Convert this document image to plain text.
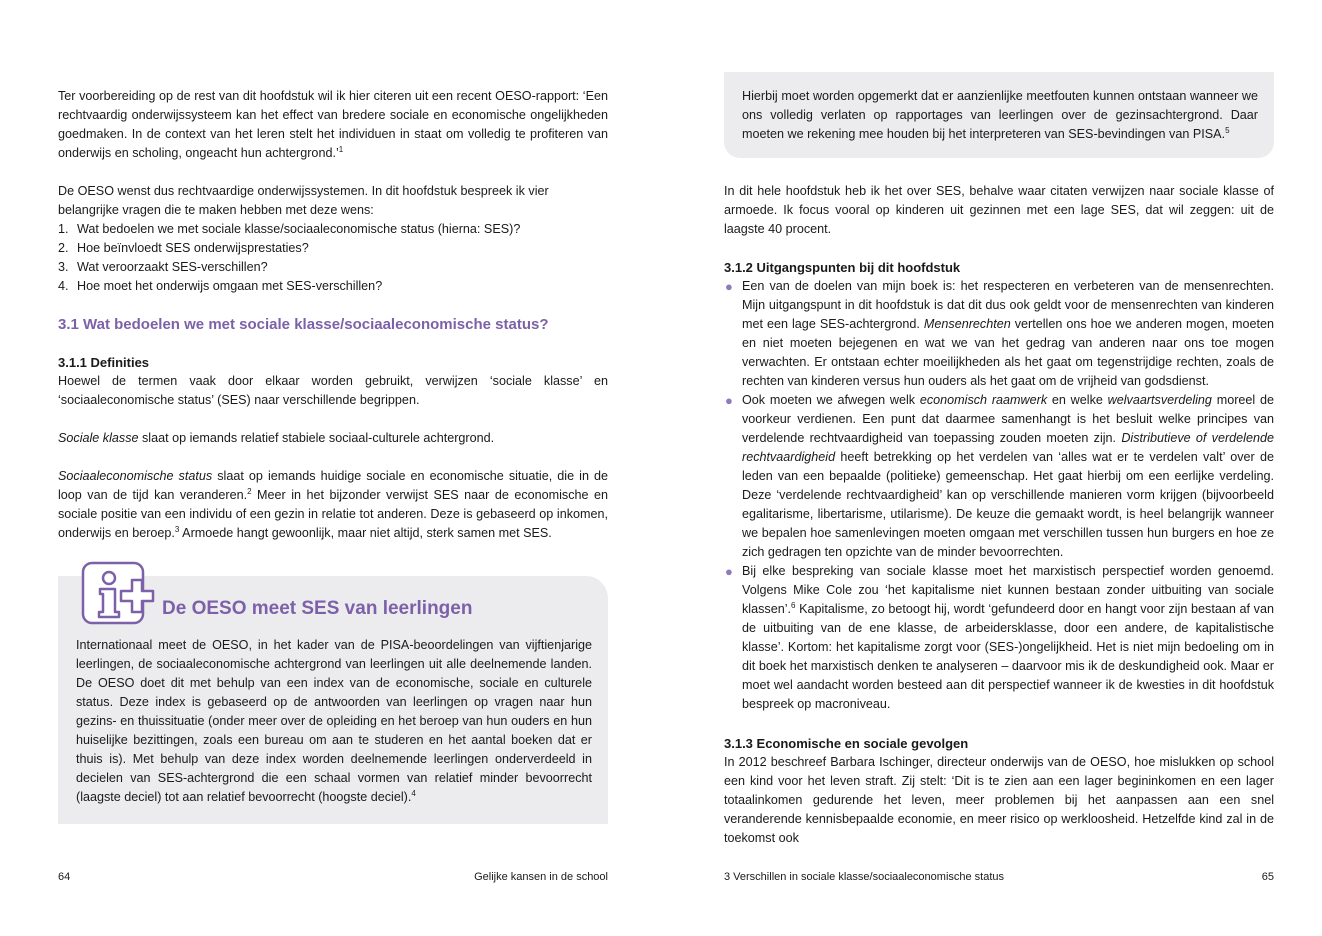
Ter voorbereiding op de rest van dit hoofdstuk wil ik hier citeren uit een recent OESO-rapport: ‘Een rechtvaardig onderwijssysteem kan het effect van bredere sociale en economische ongelijkheden goedmaken. In de context van het leren stelt het individuen in staat om volledig te profiteren van onderwijs en scholing, ongeacht hun achtergrond.’$^1$

De OESO wenst dus rechtvaardige onderwijssystemen. In dit hoofdstuk bespreek ik vier belangrijke vragen die te maken hebben met deze wens:

1. Wat bedoelen we met sociale klasse/sociaaleconomische status (hierna: SES)?
2. Hoe beïnvloedt SES onderwijsprestaties?
3. Wat veroorzaakt SES-verschillen?
4. Hoe moet het onderwijs omgaan met SES-verschillen?
3.1 Wat bedoelen we met sociale klasse/sociaaleconomische status?
3.1.1 Definities

Hoewel de termen vaak door elkaar worden gebruikt, verwijzen ‘sociale klasse’ en ‘sociaaleconomische status’ (SES) naar verschillende begrippen.

Sociale klasse slaat op iemands relatief stabiele sociaal-culturele achtergrond.

Sociaaleconomische status slaat op iemands huidige sociale en economische situatie, die in de loop van de tijd kan veranderen.$^2$ Meer in het bijzonder verwijst SES naar de economische en sociale positie van een individu of een gezin in relatie tot anderen. Deze is gebaseerd op inkomen, onderwijs en beroep.$^3$ Armoede hangt gewoonlijk, maar niet altijd, sterk samen met SES.

Internationaal meet de OESO, in het kader van de PISA-beoordelingen van vijftienjarige leerlingen, de sociaaleconomische achtergrond van leerlingen uit alle deelnemende landen. De OESO doet dit met behulp van een index van de economische, sociale en culturele status. Deze index is gebaseerd op de antwoorden van leerlingen op vragen naar hun gezins- en thuissituatie (onder meer over de opleiding en het beroep van hun ouders en hun huiselijke bezittingen, zoals een bureau om aan te studeren en het aantal boeken dat er thuis is). Met behulp van deze index worden deelnemende leerlingen onderverdeeld in decielen van SES-achtergrond die een schaal vormen van relatief minder bevoorrecht (laagste deciel) tot aan relatief bevoorrecht (hoogste deciel).$^4$

De OESO meet SES van leerlingen
64	Gelijke kansen in de school

Hierbij moet worden opgemerkt dat er aanzienlijke meetfouten kunnen ontstaan wanneer we ons volledig verlaten op rapportages van leerlingen over de gezinsachtergrond. Daar moeten we rekening mee houden bij het interpreteren van SES-bevindingen van PISA.$^5$

In dit hele hoofdstuk heb ik het over SES, behalve waar citaten verwijzen naar sociale klasse of armoede. Ik focus vooral op kinderen uit gezinnen met een lage SES, dat wil zeggen: uit de laagste 40 procent.

3.1.2 Uitgangspunten bij dit hoofdstuk
● Een van de doelen van mijn boek is: het respecteren en verbeteren van de mensenrechten. Mijn uitgangspunt in dit hoofdstuk is dat dit dus ook geldt voor de mensenrechten van kinderen met een lage SES-achtergrond. Mensenrechten vertellen ons hoe we anderen mogen, moeten en niet moeten bejegenen en wat we van het gedrag van anderen naar ons toe mogen verwachten. Er ontstaan echter moeilijkheden als het gaat om tegenstrijdige rechten, zoals de rechten van kinderen versus hun ouders als het gaat om de vrijheid van godsdienst.
● Ook moeten we afwegen welk economisch raamwerk en welke welvaartsverdeling moreel de voorkeur verdienen. Een punt dat daarmee samenhangt is het besluit welke principes van verdelende rechtvaardigheid van toepassing zouden moeten zijn. Distributieve of verdelende rechtvaardigheid heeft betrekking op het verdelen van ‘alles wat er te verdelen valt’ over de leden van een bepaalde (politieke) gemeenschap. Het gaat hierbij om een eerlijke verdeling. Deze ‘verdelende rechtvaardigheid’ kan op verschillende manieren vorm krijgen (bijvoorbeeld egalitarisme, libertarisme, utilarisme). De keuze die gemaakt wordt, is heel belangrijk wanneer we bepalen hoe samenlevingen moeten omgaan met verschillen tussen hun burgers en hoe ze zich gedragen ten opzichte van de minder bevoorrechten.
● Bij elke bespreking van sociale klasse moet het marxistisch perspectief worden genoemd. Volgens Mike Cole zou ‘het kapitalisme niet kunnen bestaan zonder uitbuiting van sociale klassen’.$^6$ Kapitalisme, zo betoogt hij, wordt ‘gefundeerd door en hangt voor zijn bestaan af van de uitbuiting van de ene klasse, de arbeidersklasse, door een andere, de kapitalistische klasse’. Kortom: het kapitalisme zorgt voor (SES-)ongelijkheid. Het is niet mijn bedoeling om in dit boek het marxistisch denken te analyseren – daarvoor mis ik de deskundigheid ook. Maar er moet wel aandacht worden besteed aan dit perspectief wanneer ik de kwesties in dit hoofdstuk bespreek op macroniveau.
3.1.3 Economische en sociale gevolgen

In 2012 beschreef Barbara Ischinger, directeur onderwijs van de OESO, hoe mislukken op school een kind voor het leven straft. Zij stelt: ‘Dit is te zien aan een lager begininkomen en een lager totaalinkomen gedurende het leven, meer problemen bij het aanpassen aan een snel veranderende kennisbepaalde economie, en meer risico op werkloosheid. Hetzelfde kind zal in de toekomst ook

3 Verschillen in sociale klasse/sociaaleconomische status	65
